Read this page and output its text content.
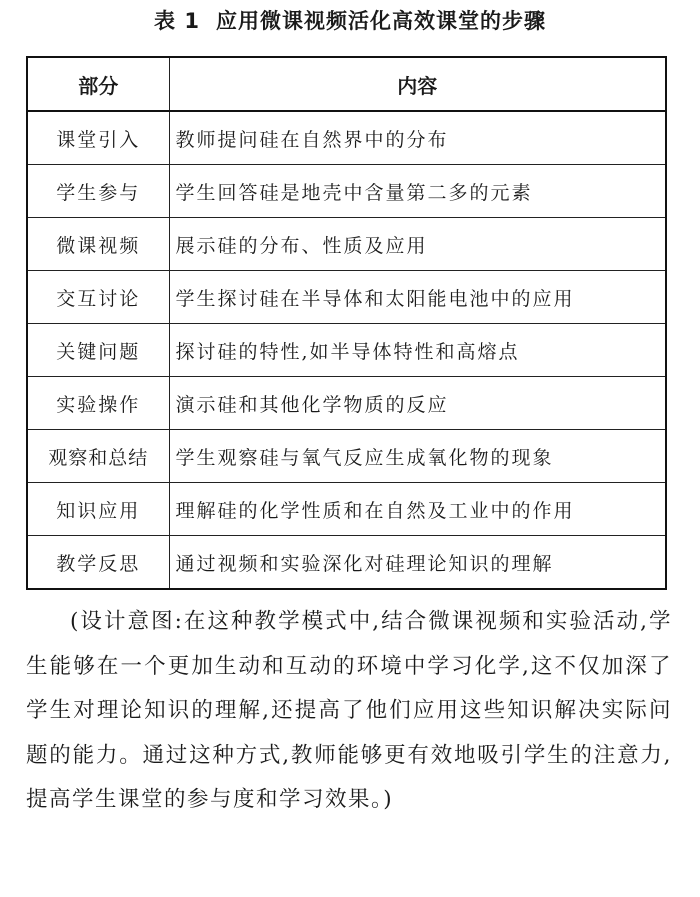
表 1 应用微课视频活化高效课堂的步骤
部分	内容
课堂引入	教师提问硅在自然界中的分布
学生参与	学生回答硅是地壳中含量第二多的元素
微课视频	展示硅的分布、性质及应用
交互讨论	学生探讨硅在半导体和太阳能电池中的应用
关键问题	探讨硅的特性,如半导体特性和高熔点
实验操作	演示硅和其他化学物质的反应
观察和总结	学生观察硅与氧气反应生成氧化物的现象
知识应用	理解硅的化学性质和在自然及工业中的作用
教学反思	通过视频和实验深化对硅理论知识的理解

(设计意图:在这种教学模式中,结合微课视频和实验活动,学生能够在一个更加生动和互动的环境中学习化学,这不仅加深了学生对理论知识的理解,还提高了他们应用这些知识解决实际问题的能力。通过这种方式,教师能够更有效地吸引学生的注意力,提高学生课堂的参与度和学习效果。)
